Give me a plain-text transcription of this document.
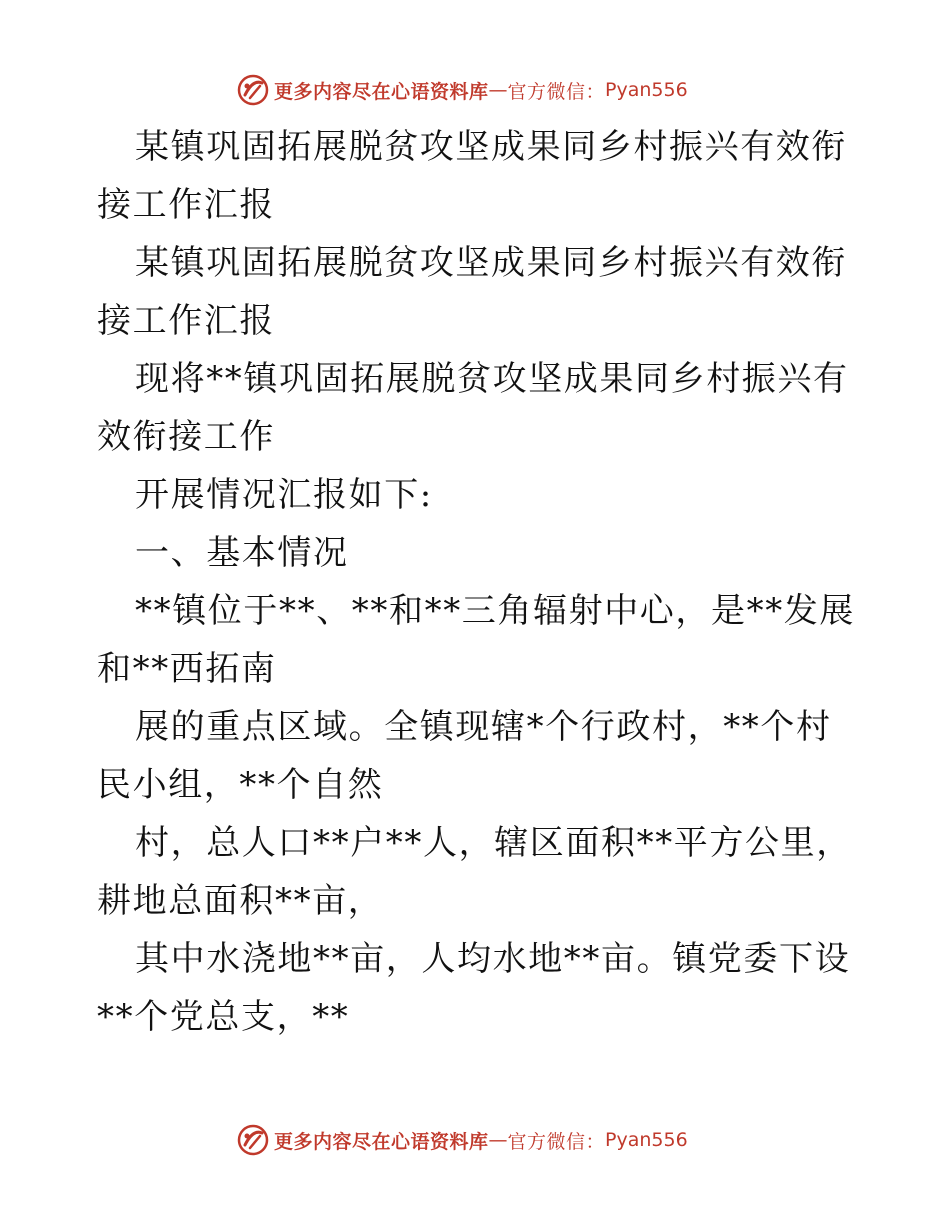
更多内容尽在心语资料库 — 官方微信： Pyan556

某镇巩固拓展脱贫攻坚成果同乡村振兴有效衔接工作汇报

某镇巩固拓展脱贫攻坚成果同乡村振兴有效衔接工作汇报

现将**镇巩固拓展脱贫攻坚成果同乡村振兴有效衔接工作

开展情况汇报如下:

一、基本情况

**镇位于**、**和**三角辐射中心，是**发展和**西拓南

展的重点区域。全镇现辖*个行政村，**个村民小组，**个自然

村，总人口**户**人，辖区面积**平方公里，耕地总面积**亩，

其中水浇地**亩，人均水地**亩。镇党委下设**个党总支，**

更多内容尽在心语资料库 — 官方微信： Pyan556
